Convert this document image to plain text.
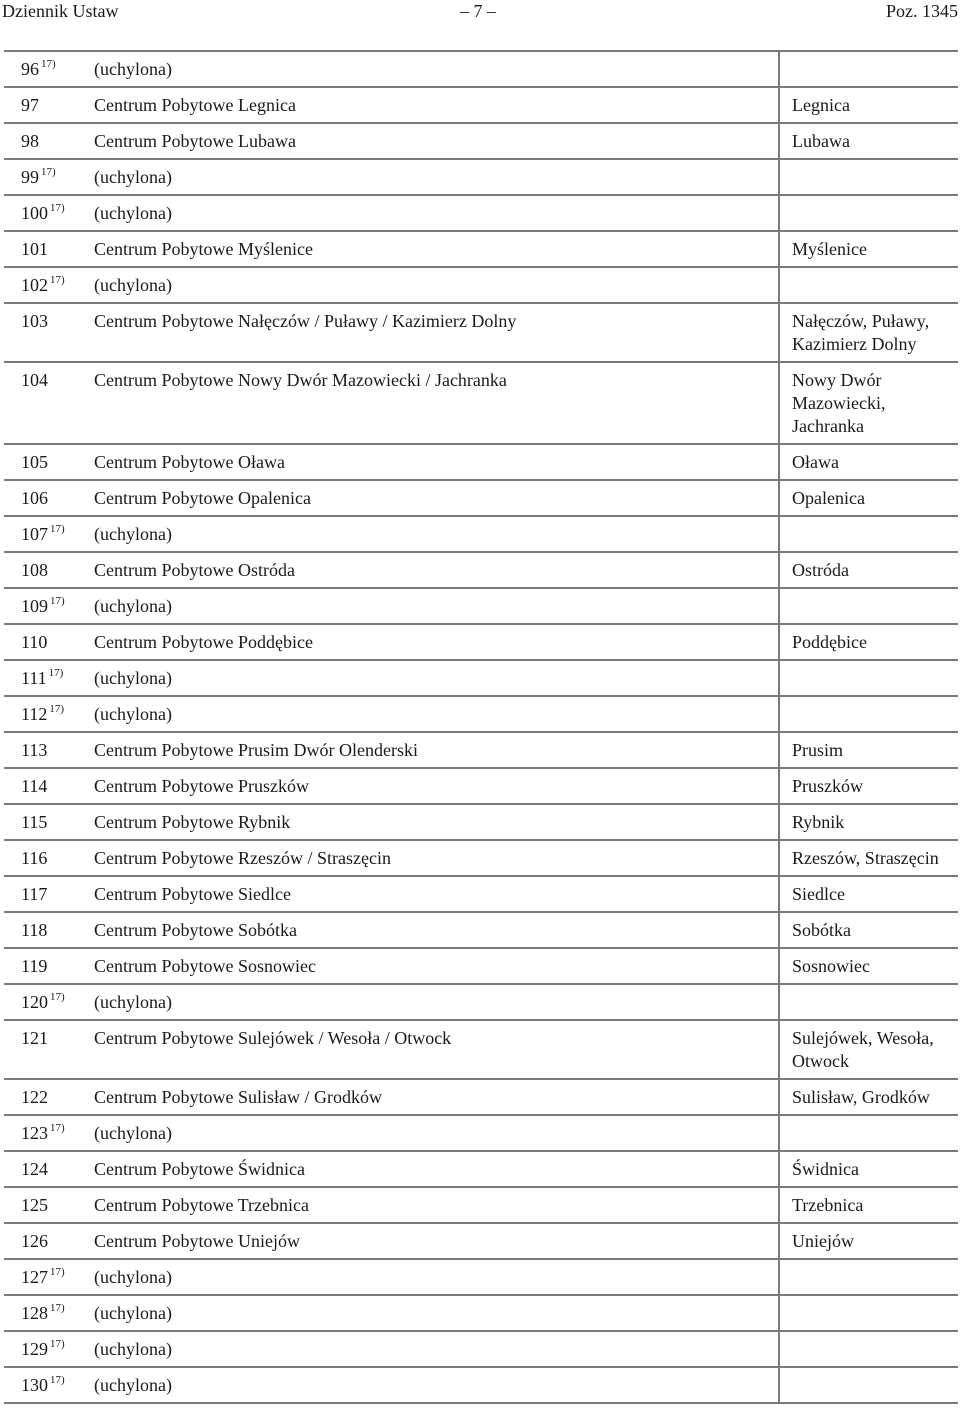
Dziennik Ustaw	– 7 –	Poz. 1345
96 $^{17)}$	(uchylona)	
97	Centrum Pobytowe Legnica	Legnica
98	Centrum Pobytowe Lubawa	Lubawa
99 $^{17)}$	(uchylona)	
100 $^{17)}$	(uchylona)	
101	Centrum Pobytowe Myślenice	Myślenice
102 $^{17)}$	(uchylona)	
103	Centrum Pobytowe Nałęczów / Puławy / Kazimierz Dolny	Nałęczów, Puławy, Kazimierz Dolny
104	Centrum Pobytowe Nowy Dwór Mazowiecki / Jachranka	Nowy Dwór Mazowiecki, Jachranka
105	Centrum Pobytowe Oława	Oława
106	Centrum Pobytowe Opalenica	Opalenica
107 $^{17)}$	(uchylona)	
108	Centrum Pobytowe Ostróda	Ostróda
109 $^{17)}$	(uchylona)	
110	Centrum Pobytowe Poddębice	Poddębice
111 $^{17)}$	(uchylona)	
112 $^{17)}$	(uchylona)	
113	Centrum Pobytowe Prusim Dwór Olenderski	Prusim
114	Centrum Pobytowe Pruszków	Pruszków
115	Centrum Pobytowe Rybnik	Rybnik
116	Centrum Pobytowe Rzeszów / Straszęcin	Rzeszów, Straszęcin
117	Centrum Pobytowe Siedlce	Siedlce
118	Centrum Pobytowe Sobótka	Sobótka
119	Centrum Pobytowe Sosnowiec	Sosnowiec
120 $^{17)}$	(uchylona)	
121	Centrum Pobytowe Sulejówek / Wesoła / Otwock	Sulejówek, Wesoła, Otwock
122	Centrum Pobytowe Sulisław / Grodków	Sulisław, Grodków
123 $^{17)}$	(uchylona)	
124	Centrum Pobytowe Świdnica	Świdnica
125	Centrum Pobytowe Trzebnica	Trzebnica
126	Centrum Pobytowe Uniejów	Uniejów
127 $^{17)}$	(uchylona)	
128 $^{17)}$	(uchylona)	
129 $^{17)}$	(uchylona)	
130 $^{17)}$	(uchylona)	
